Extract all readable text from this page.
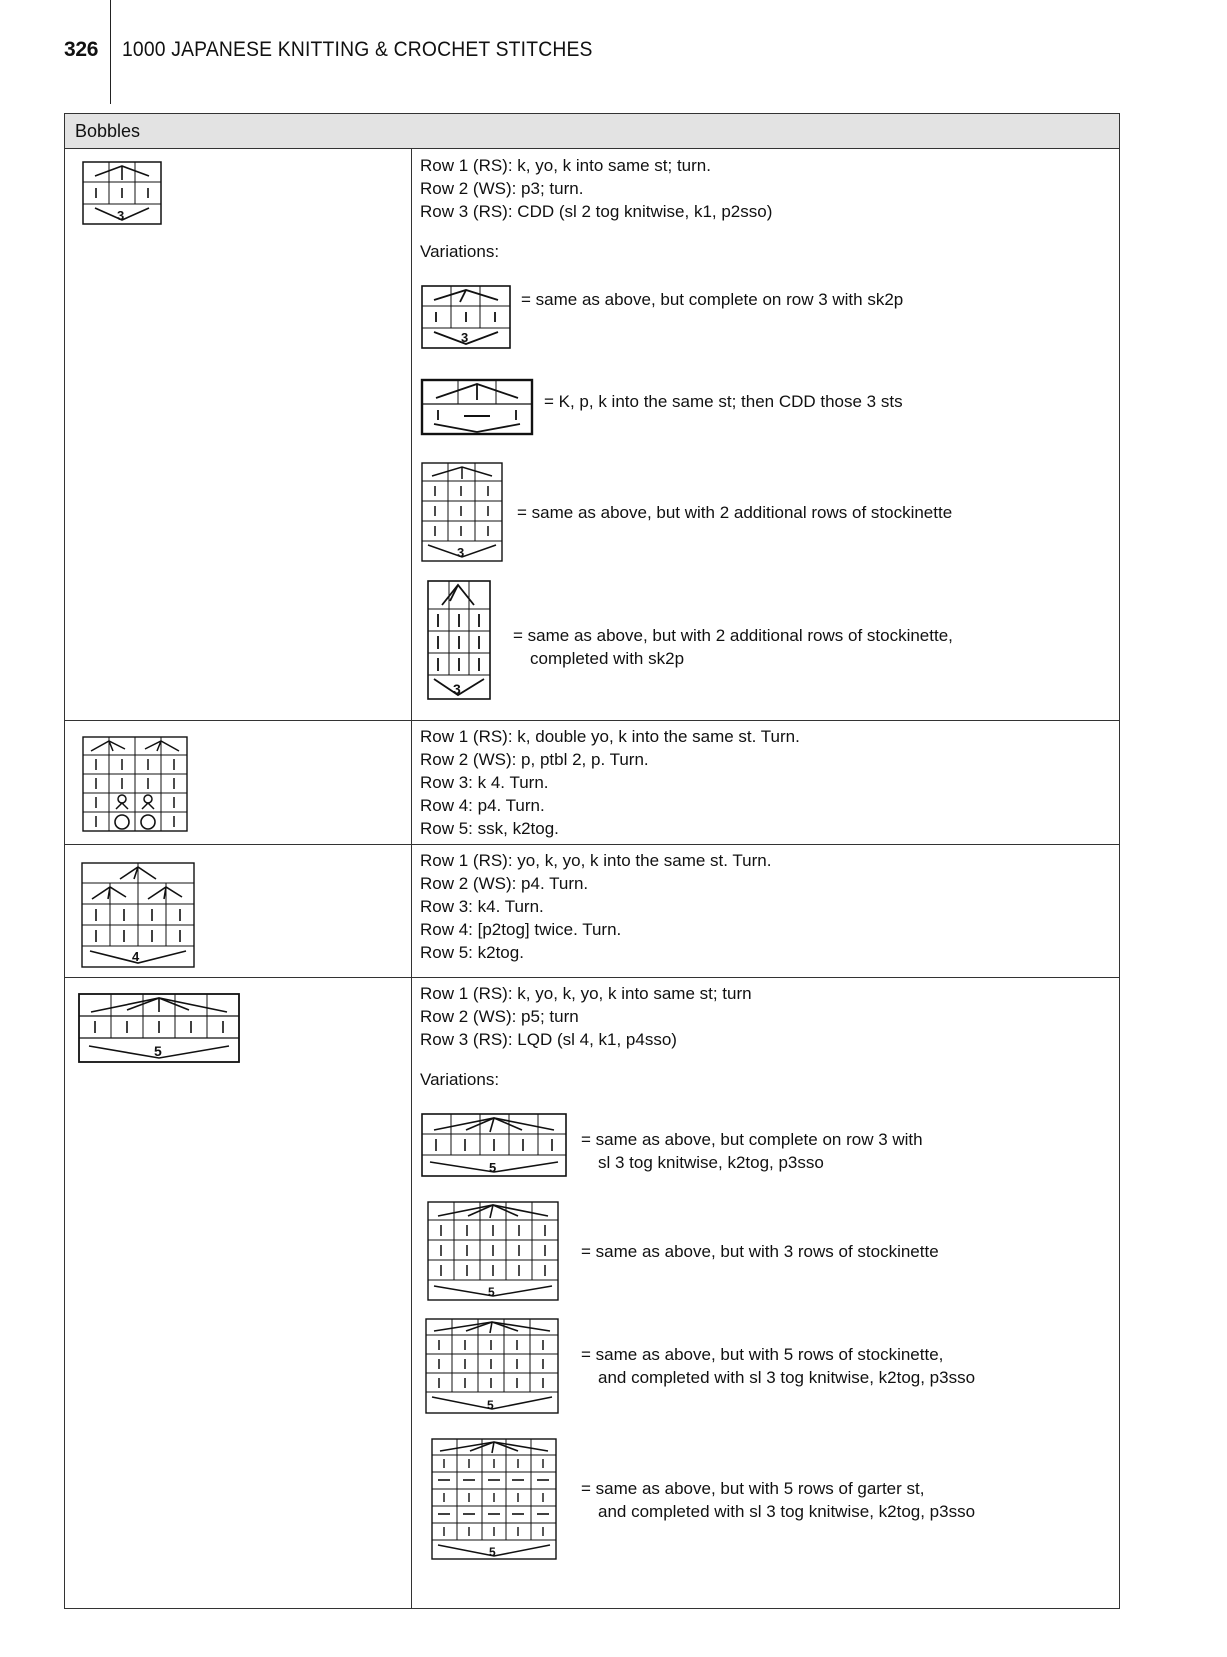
326 1000 JAPANESE KNITTING & CROCHET STITCHES
Bobbles
3
Row 1 (RS): k, yo, k into same st; turn.
Row 2 (WS): p3; turn.
Row 3 (RS): CDD (sl 2 tog knitwise, k1, p2sso)
Variations:
3
= same as above, but complete on row 3 with sk2p
= K, p, k into the same st; then CDD those 3 sts
3
= same as above, but with 2 additional rows of stockinette
3
= same as above, but with 2 additional rows of stockinette,
completed with sk2p
Row 1 (RS): k, double yo, k into the same st. Turn.
Row 2 (WS): p, ptbl 2, p. Turn.
Row 3: k 4. Turn.
Row 4: p4. Turn.
Row 5: ssk, k2tog.
4
Row 1 (RS): yo, k, yo, k into the same st. Turn.
Row 2 (WS): p4. Turn.
Row 3: k4. Turn.
Row 4: [p2tog] twice. Turn.
Row 5: k2tog.
5
Row 1 (RS): k, yo, k, yo, k into same st; turn
Row 2 (WS): p5; turn
Row 3 (RS): LQD (sl 4, k1, p4sso)
Variations:
5
= same as above, but complete on row 3 with
sl 3 tog knitwise, k2tog, p3sso
5
= same as above, but with 3 rows of stockinette
5
= same as above, but with 5 rows of stockinette,
and completed with sl 3 tog knitwise, k2tog, p3sso
5
= same as above, but with 5 rows of garter st,
and completed with sl 3 tog knitwise, k2tog, p3sso
